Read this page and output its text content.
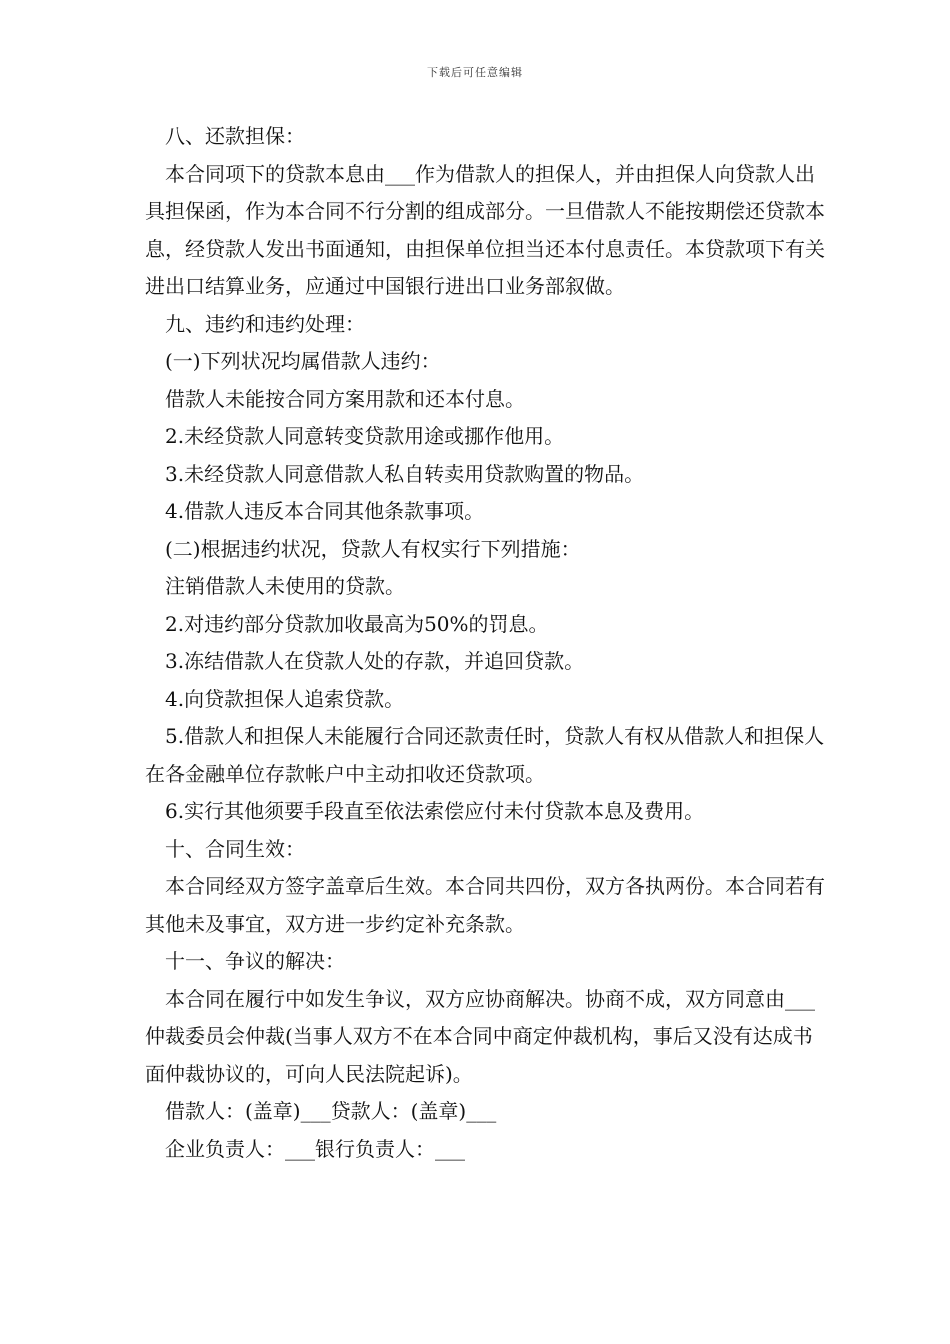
下载后可任意编辑

八、还款担保：

本合同项下的贷款本息由___作为借款人的担保人，并由担保人向贷款人出具担保函，作为本合同不行分割的组成部分。一旦借款人不能按期偿还贷款本息，经贷款人发出书面通知，由担保单位担当还本付息责任。本贷款项下有关进出口结算业务，应通过中国银行进出口业务部叙做。

九、违约和违约处理：

(一)下列状况均属借款人违约：

借款人未能按合同方案用款和还本付息。

2.未经贷款人同意转变贷款用途或挪作他用。

3.未经贷款人同意借款人私自转卖用贷款购置的物品。

4.借款人违反本合同其他条款事项。

(二)根据违约状况，贷款人有权实行下列措施：

注销借款人未使用的贷款。

2.对违约部分贷款加收最高为50%的罚息。

3.冻结借款人在贷款人处的存款，并追回贷款。

4.向贷款担保人追索贷款。

5.借款人和担保人未能履行合同还款责任时，贷款人有权从借款人和担保人在各金融单位存款帐户中主动扣收还贷款项。

6.实行其他须要手段直至依法索偿应付未付贷款本息及费用。

十、合同生效：

本合同经双方签字盖章后生效。本合同共四份，双方各执两份。本合同若有其他未及事宜，双方进一步约定补充条款。

十一、争议的解决：

本合同在履行中如发生争议，双方应协商解决。协商不成，双方同意由___仲裁委员会仲裁(当事人双方不在本合同中商定仲裁机构，事后又没有达成书面仲裁协议的，可向人民法院起诉)。

借款人：(盖章)___贷款人：(盖章)___

企业负责人：___银行负责人：___
